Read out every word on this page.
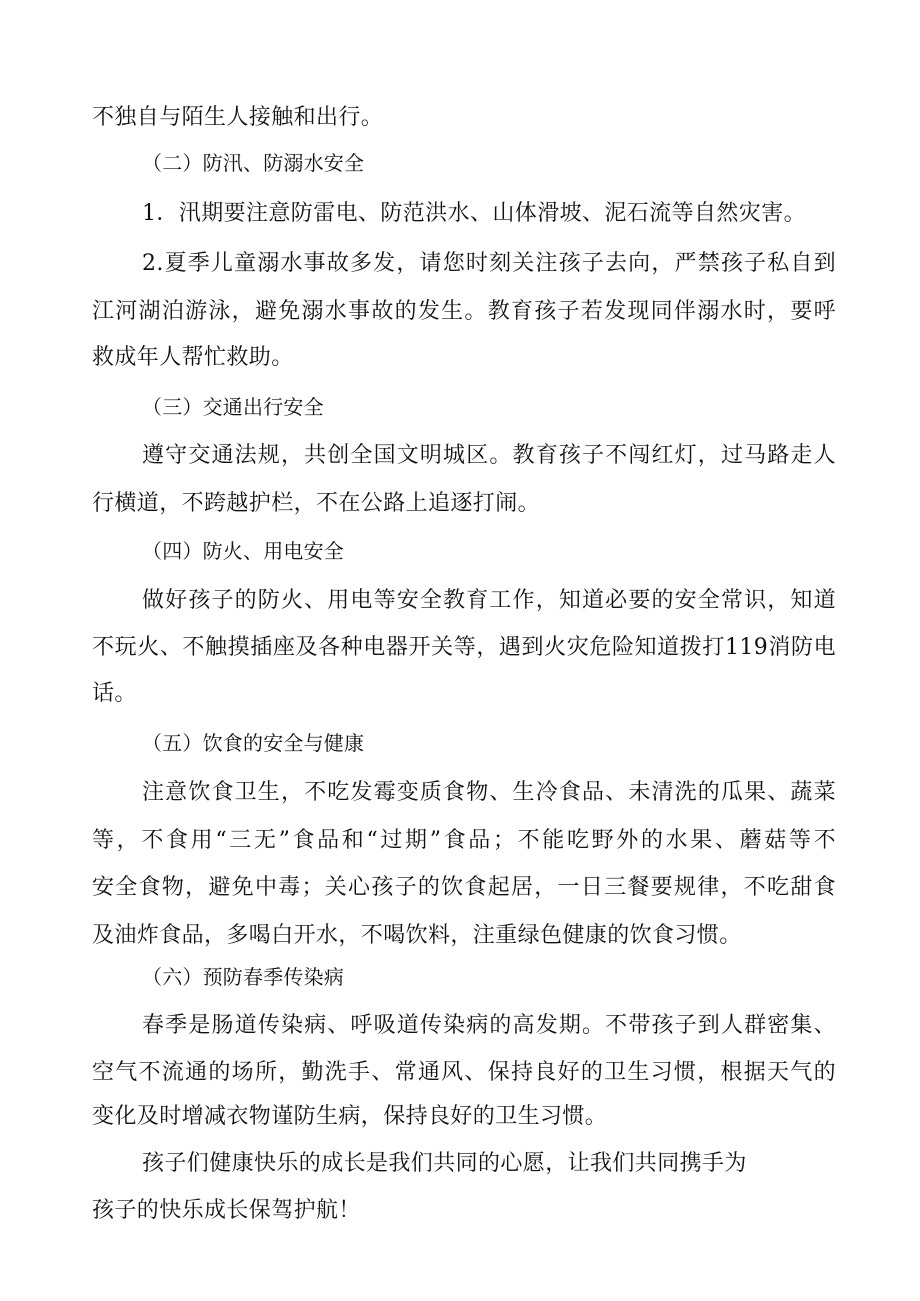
不独自与陌生人接触和出行。
（二）防汛、防溺水安全
1．汛期要注意防雷电、防范洪水、山体滑坡、泥石流等自然灾害。
2.夏季儿童溺水事故多发，请您时刻关注孩子去向，严禁孩子私自到
江河湖泊游泳，避免溺水事故的发生。教育孩子若发现同伴溺水时，要呼
救成年人帮忙救助。
（三）交通出行安全
遵守交通法规，共创全国文明城区。教育孩子不闯红灯，过马路走人
行横道，不跨越护栏，不在公路上追逐打闹。
（四）防火、用电安全
做好孩子的防火、用电等安全教育工作，知道必要的安全常识，知道
不玩火、不触摸插座及各种电器开关等，遇到火灾危险知道拨打119消防电
话。
（五）饮食的安全与健康
注意饮食卫生，不吃发霉变质食物、生冷食品、未清洗的瓜果、蔬菜
等，不食用“三无”食品和“过期”食品；不能吃野外的水果、蘑菇等不
安全食物，避免中毒；关心孩子的饮食起居，一日三餐要规律，不吃甜食
及油炸食品，多喝白开水，不喝饮料，注重绿色健康的饮食习惯。
（六）预防春季传染病
春季是肠道传染病、呼吸道传染病的高发期。不带孩子到人群密集、
空气不流通的场所，勤洗手、常通风、保持良好的卫生习惯，根据天气的
变化及时增减衣物谨防生病，保持良好的卫生习惯。
孩子们健康快乐的成长是我们共同的心愿，让我们共同携手为
孩子的快乐成长保驾护航！
